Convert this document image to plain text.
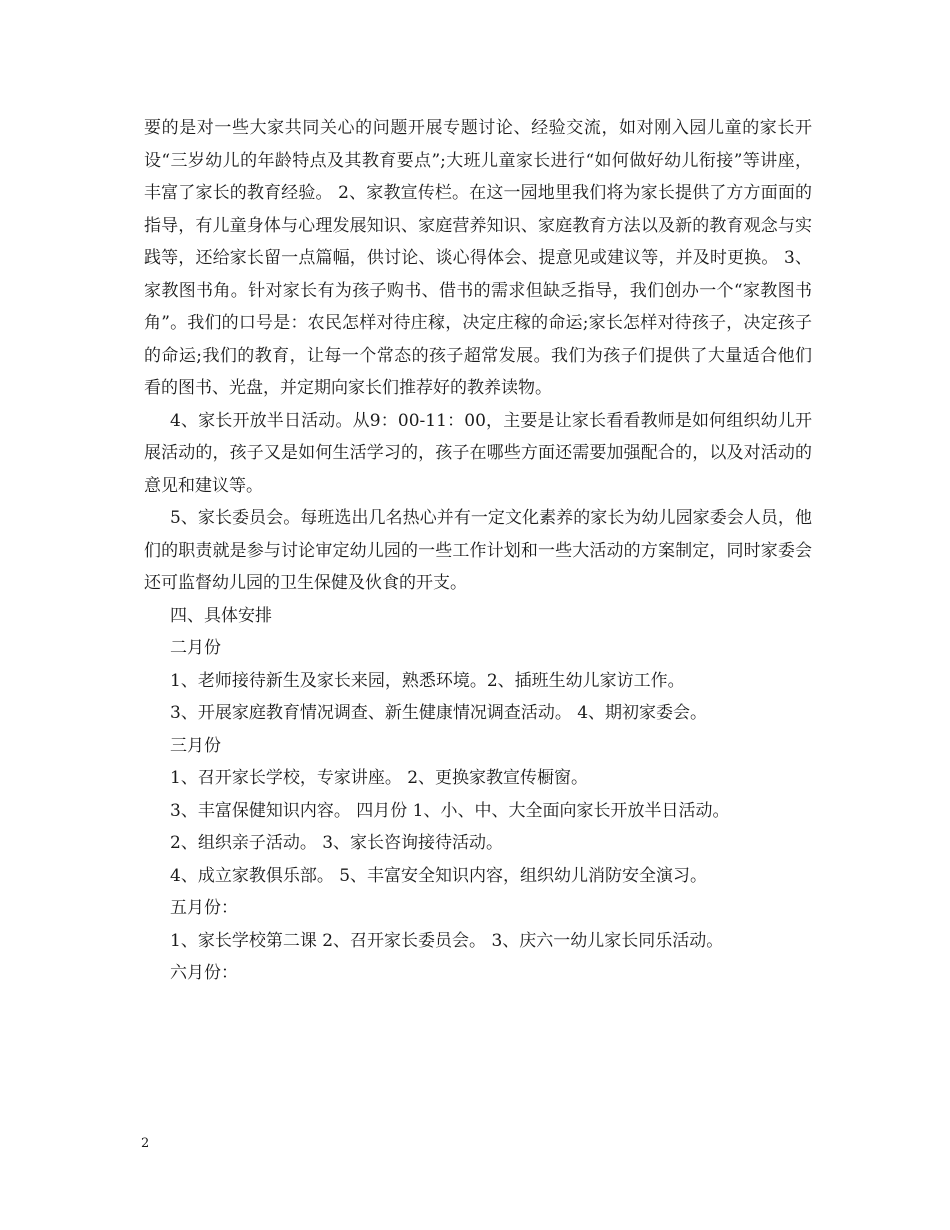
要的是对一些大家共同关心的问题开展专题讨论、经验交流，如对刚入园儿童的家长开设“三岁幼儿的年龄特点及其教育要点”;大班儿童家长进行“如何做好幼儿衔接”等讲座，丰富了家长的教育经验。 2、家教宣传栏。在这一园地里我们将为家长提供了方方面面的指导，有儿童身体与心理发展知识、家庭营养知识、家庭教育方法以及新的教育观念与实践等，还给家长留一点篇幅，供讨论、谈心得体会、提意见或建议等，并及时更换。 3、家教图书角。针对家长有为孩子购书、借书的需求但缺乏指导，我们创办一个“家教图书角”。我们的口号是：农民怎样对待庄稼，决定庄稼的命运;家长怎样对待孩子，决定孩子的命运;我们的教育，让每一个常态的孩子超常发展。我们为孩子们提供了大量适合他们看的图书、光盘，并定期向家长们推荐好的教养读物。

4、家长开放半日活动。从9：00-11：00，主要是让家长看看教师是如何组织幼儿开展活动的，孩子又是如何生活学习的，孩子在哪些方面还需要加强配合的，以及对活动的意见和建议等。

5、家长委员会。每班选出几名热心并有一定文化素养的家长为幼儿园家委会人员，他们的职责就是参与讨论审定幼儿园的一些工作计划和一些大活动的方案制定，同时家委会还可监督幼儿园的卫生保健及伙食的开支。

四、具体安排

二月份

1、老师接待新生及家长来园，熟悉环境。2、插班生幼儿家访工作。

3、开展家庭教育情况调查、新生健康情况调查活动。 4、期初家委会。

三月份

1、召开家长学校，专家讲座。 2、更换家教宣传橱窗。

3、丰富保健知识内容。 四月份 1、小、中、大全面向家长开放半日活动。

2、组织亲子活动。 3、家长咨询接待活动。

4、成立家教俱乐部。 5、丰富安全知识内容，组织幼儿消防安全演习。

五月份：

1、家长学校第二课 2、召开家长委员会。 3、庆六一幼儿家长同乐活动。

六月份：

2
